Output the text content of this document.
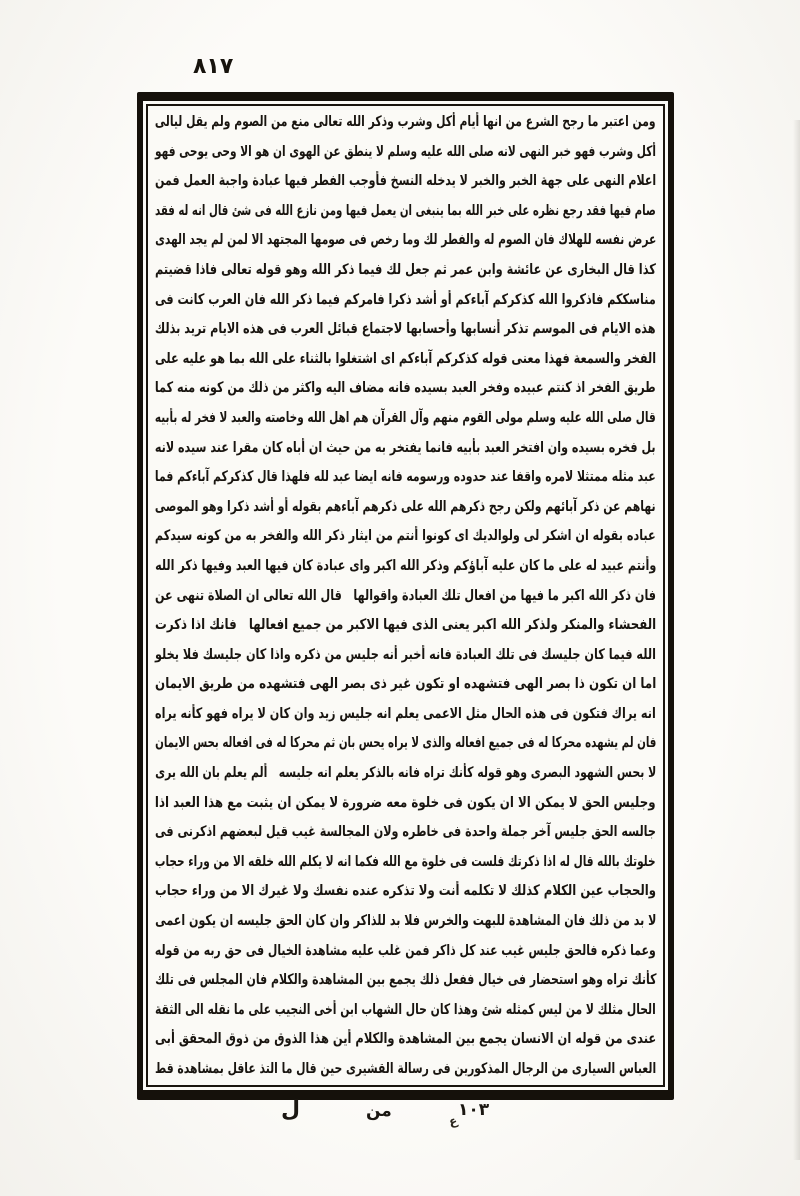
٨١٧
ومن اعتبر ما رجح الشرع من انها أيام أكل وشرب وذكر الله تعالى منع من الصوم ولم يقل ليالى
أكل وشرب فهو خبر النهى لانه صلى الله عليه وسلم لا ينطق عن الهوى ان هو الا وحى يوحى فهو
اعلام النهى على جهة الخبر والخبر لا يدخله النسخ فأوجب الفطر فيها عبادة واجبة العمل فمن
صام فيها فقد رجع نظره على خبر الله بما ينبغى ان يعمل فيها ومن نازع الله فى شئ قال انه له فقد
عرض نفسه للهلاك فان الصوم له والفطر لك وما رخص فى صومها المجتهد الا لمن لم يجد الهدى
كذا قال البخارى عن عائشة وابن عمر ثم جعل لك فيما ذكر الله وهو قوله تعالى فاذا قضيتم
مناسككم فاذكروا الله كذكركم آباءكم أو أشد ذكرا فامركم فيما ذكر الله فان العرب كانت فى
هذه الايام فى الموسم تذكر أنسابها وأحسابها لاجتماع قبائل العرب فى هذه الايام تريد بذلك
الفخر والسمعة فهذا معنى قوله كذكركم آباءكم اى اشتغلوا بالثناء على الله بما هو عليه على
طريق الفخر اذ كنتم عبيده وفخر العبد بسيده فانه مضاف اليه واكثر من ذلك من كونه منه كما
قال صلى الله عليه وسلم مولى القوم منهم وآل القرآن هم اهل الله وخاصته والعبد لا فخر له بأبيه
بل فخره بسيده وان افتخر العبد بأبيه فانما يفتخر به من حيث ان أباه كان مقرا عند سيده لانه
عبد مثله ممتثلا لامره واقفا عند حدوده ورسومه فانه ايضا عبد لله فلهذا قال كذكركم آباءكم فما
نهاهم عن ذكر آبائهم ولكن رجح ذكرهم الله على ذكرهم آباءهم بقوله أو أشد ذكرا وهو الموصى
عباده بقوله ان اشكر لى ولوالديك اى كونوا أنتم من ايثار ذكر الله والفخر به من كونه سيدكم
وأنتم عبيد له على ما كان عليه آباؤكم وذكر الله اكبر واى عبادة كان فيها العبد وفيها ذكر الله
فان ذكر الله اكبر ما فيها من افعال تلك العبادة واقوالها   قال الله تعالى ان الصلاة تنهى عن
الفحشاء والمنكر ولذكر الله اكبر يعنى الذى فيها الاكبر من جميع افعالها   فانك اذا ذكرت
الله فيما كان جليسك فى تلك العبادة فانه أخبر أنه جليس من ذكره واذا كان جليسك فلا يخلو
اما ان تكون ذا بصر الهى فتشهده او تكون غير ذى بصر الهى فتشهده من طريق الايمان
انه يراك فتكون فى هذه الحال مثل الاعمى يعلم انه جليس زيد وان كان لا يراه فهو كأنه يراه
فان لم يشهده محركا له فى جميع افعاله والذى لا يراه يحس بان ثم محركا له فى افعاله بحس الايمان
لا بحس الشهود البصرى وهو قوله كأنك تراه فانه بالذكر يعلم انه جليسه   ألم يعلم بان الله يرى
وجليس الحق لا يمكن الا ان يكون فى خلوة معه ضرورة لا يمكن ان يثبت مع هذا العبد اذا
جالسه الحق جليس آخر جملة واحدة فى خاطره ولان المجالسة غيب قيل لبعضهم اذكرنى فى
خلوتك بالله قال له اذا ذكرتك فلست فى خلوة مع الله فكما انه لا يكلم الله خلقه الا من وراء حجاب
والحجاب عين الكلام كذلك لا تكلمه أنت ولا تذكره عنده نفسك ولا غيرك الا من وراء حجاب
لا بد من ذلك فان المشاهدة للبهت والخرس فلا بد للذاكر وان كان الحق جليسه ان يكون اعمى
وعما ذكره فالحق جليس غيب عند كل ذاكر فمن غلب عليه مشاهدة الخيال فى حق ربه من قوله
كأنك تراه وهو استحضار فى خيال ففعل ذلك يجمع بين المشاهدة والكلام فان المجلس فى تلك
الحال مثلك لا من ليس كمثله شئ وهذا كان حال الشهاب ابن أخى النجيب على ما نقله الى الثقة
عندى من قوله ان الانسان يجمع بين المشاهدة والكلام أين هذا الذوق من ذوق المحقق أبى
العباس السيارى من الرجال المذكورين فى رسالة القشيرى حين قال ما التذ عاقل بمشاهدة قط
١٠٣
ع
من
ل
